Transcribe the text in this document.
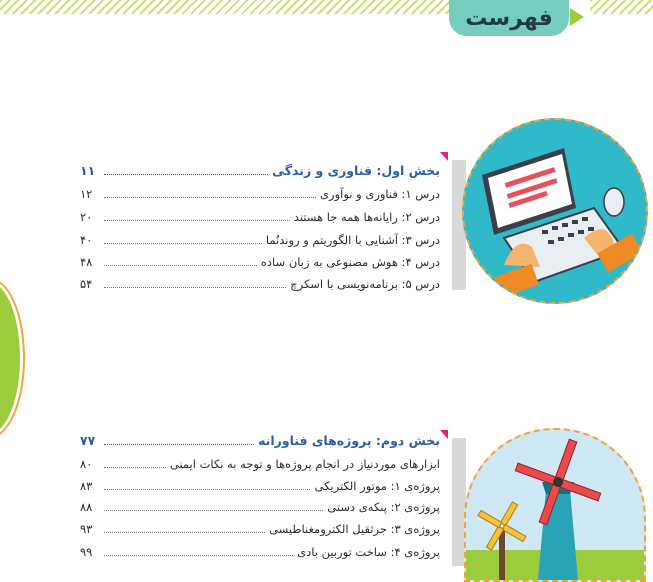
فهرست
بخش اول: فناوری و زندگی
۱۱
درس ۱: فناوری و نوآوری
۱۲
درس ۲: رایانه‌ها همه جا هستند
۲۰
درس ۳: آشنایی با الگوریتم و روندنُما
۴۰
درس ۴: هوش مصنوعی به زبان ساده
۴۸
درس ۵: برنامه‌نویسی با اسکرچ
۵۴
بخش دوم: پروژه‌های فناورانه
۷۷
ابزارهای موردنیاز در انجام پروژه‌ها و توجه به نکات ایمنی
۸۰
پروژه‌ی ۱: موتور الکتریکی
۸۳
پروژه‌ی ۲: پنکه‌ی دستی
۸۸
پروژه‌ی ۳: جرثقیل الکترومغناطیسی
۹۳
پروژه‌ی ۴: ساخت توربین بادی
۹۹
